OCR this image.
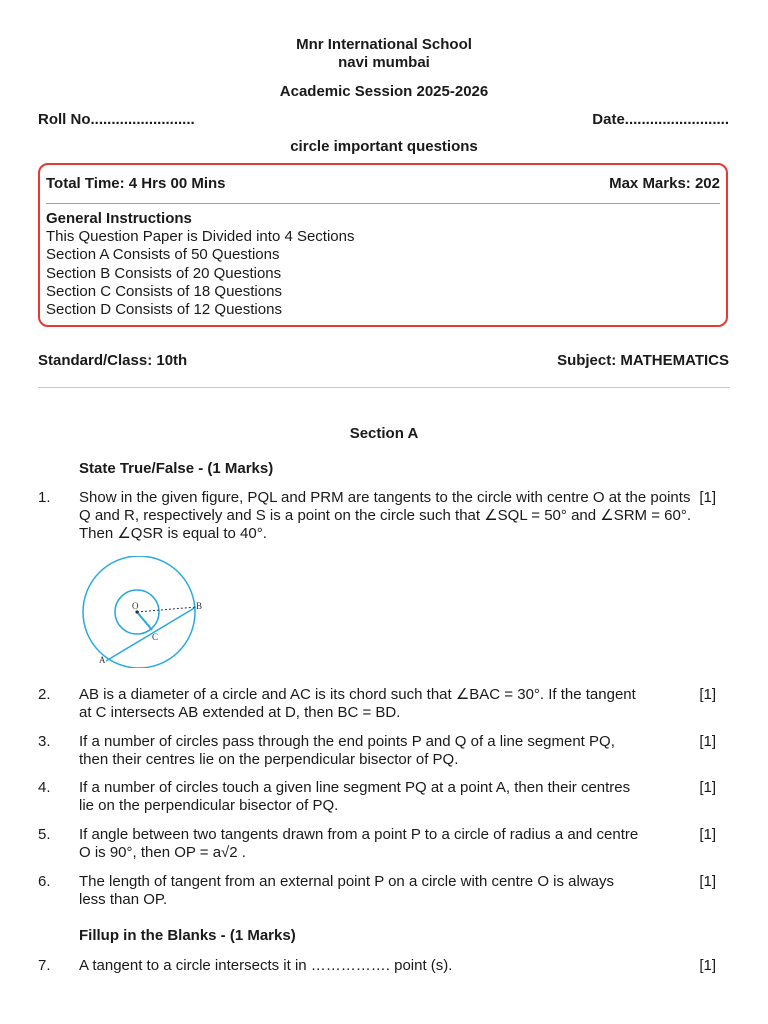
Mnr International School
navi mumbai
Academic Session 2025-2026
Roll No.........................	Date.........................
circle important questions
Total Time: 4 Hrs 00 Mins	Max Marks: 202
General Instructions
This Question Paper is Divided into 4 Sections
Section A Consists of 50 Questions
Section B Consists of 20 Questions
Section C Consists of 18 Questions
Section D Consists of 12 Questions
Standard/Class: 10th	Subject: MATHEMATICS
Section A
State True/False - (1 Marks)
1. Show in the given figure, PQL and PRM are tangents to the circle with centre O at the points Q and R, respectively and S is a point on the circle such that ∠SQL = 50° and ∠SRM = 60°. Then ∠QSR is equal to 40°.
[1]
O	B
C
A
2. AB is a diameter of a circle and AC is its chord such that ∠BAC = 30°. If the tangent at C intersects AB extended at D, then BC = BD.
[1]
3. If a number of circles pass through the end points P and Q of a line segment PQ, then their centres lie on the perpendicular bisector of PQ.
[1]
4. If a number of circles touch a given line segment PQ at a point A, then their centres lie on the perpendicular bisector of PQ.
[1]
5. If angle between two tangents drawn from a point P to a circle of radius a and centre O is 90°, then OP = a√2 .
[1]
6. The length of tangent from an external point P on a circle with centre O is always less than OP.
[1]
Fillup in the Blanks - (1 Marks)
7. A tangent to a circle intersects it in ……………. point (s).	[1]
